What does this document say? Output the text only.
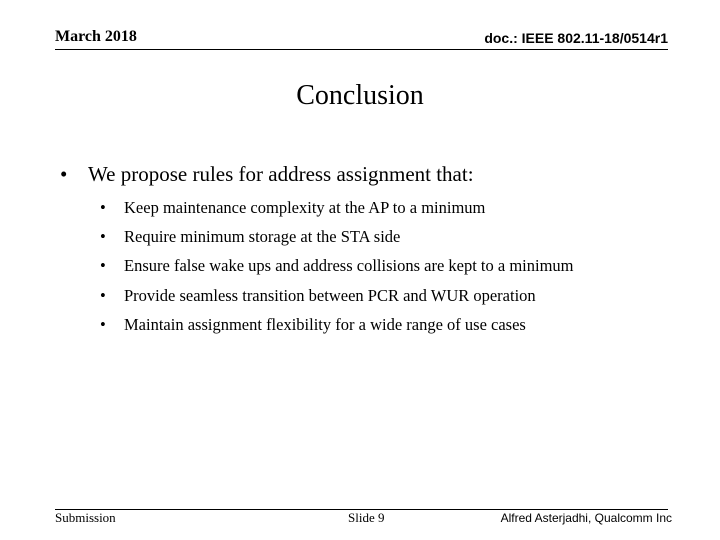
March 2018	doc.: IEEE 802.11-18/0514r1
Conclusion
• We propose rules for address assignment that:
• Keep maintenance complexity at the AP to a minimum
• Require minimum storage at the STA side
• Ensure false wake ups and address collisions are kept to a minimum
• Provide seamless transition between PCR and WUR operation
• Maintain assignment flexibility for a wide range of use cases
Submission	Slide 9	Alfred Asterjadhi, Qualcomm Inc
